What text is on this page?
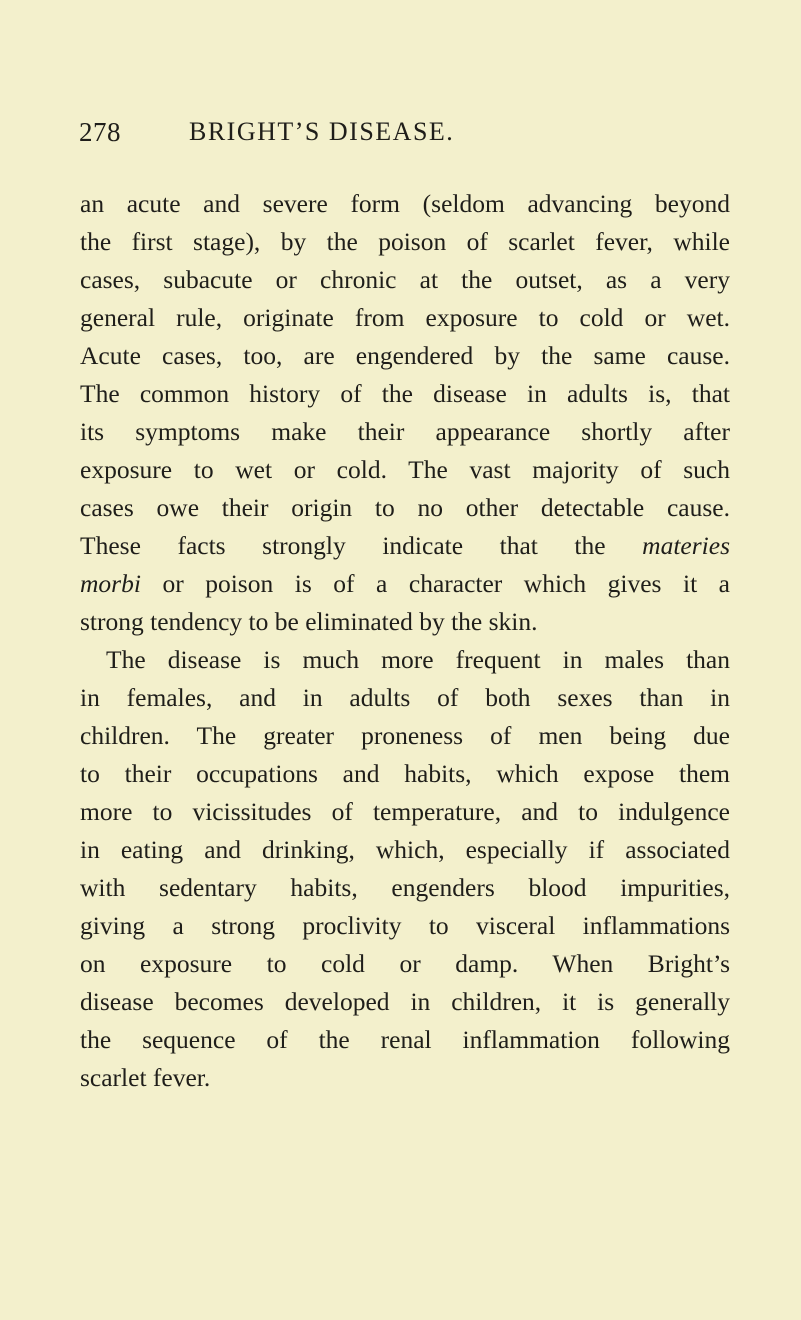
278	BRIGHT’S DISEASE.
an acute and severe form (seldom advancing beyond
the first stage), by the poison of scarlet fever, while
cases, subacute or chronic at the outset, as a very
general rule, originate from exposure to cold or wet.
Acute cases, too, are engendered by the same cause.
The common history of the disease in adults is, that
its symptoms make their appearance shortly after
exposure to wet or cold. The vast majority of such
cases owe their origin to no other detectable cause.
These facts strongly indicate that the materies
morbi or poison is of a character which gives it a
strong tendency to be eliminated by the skin.
The disease is much more frequent in males than
in females, and in adults of both sexes than in
children. The greater proneness of men being due
to their occupations and habits, which expose them
more to vicissitudes of temperature, and to indulgence
in eating and drinking, which, especially if associated
with sedentary habits, engenders blood impurities,
giving a strong proclivity to visceral inflammations
on exposure to cold or damp. When Bright’s
disease becomes developed in children, it is generally
the sequence of the renal inflammation following
scarlet fever.
